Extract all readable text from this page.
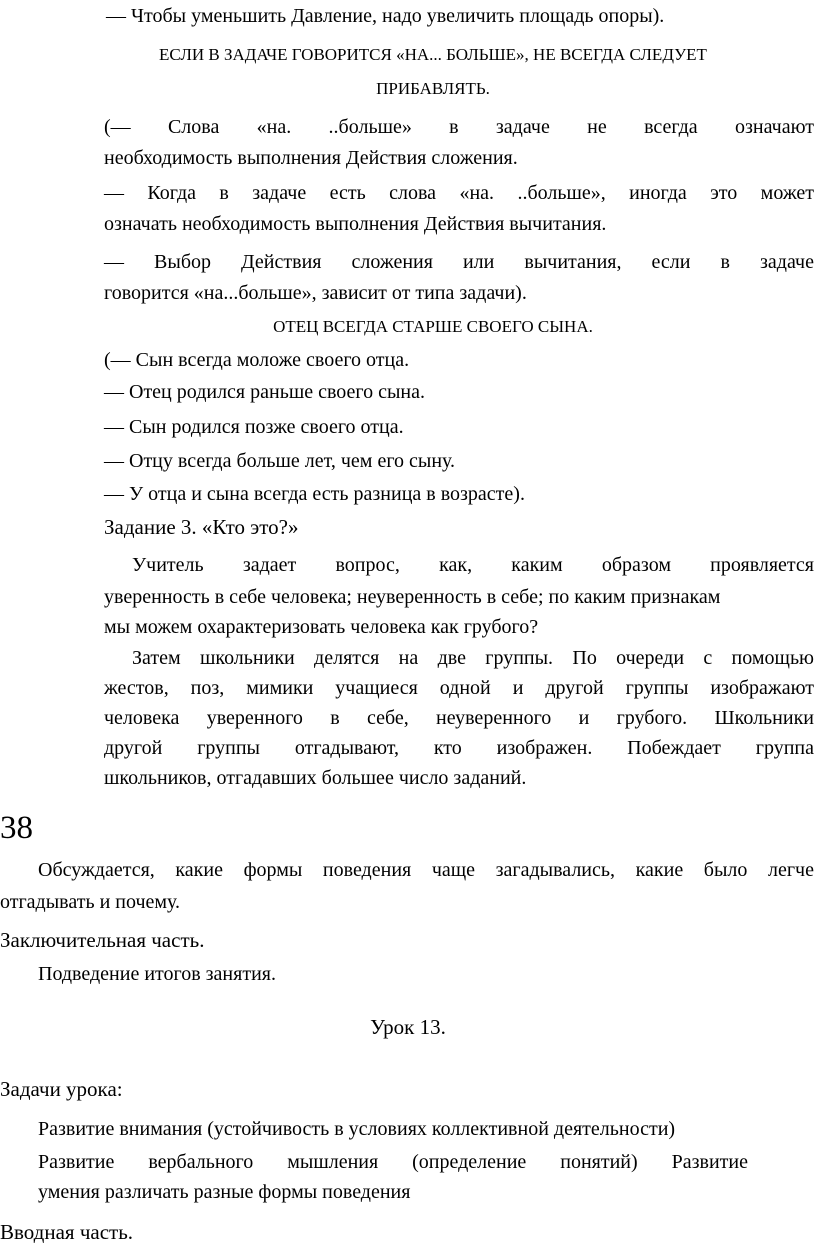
— Чтобы уменьшить Давление, надо увеличить площадь опоры).
ЕСЛИ В ЗАДАЧЕ ГОВОРИТСЯ «НА... БОЛЬШЕ», НЕ ВСЕГДА СЛЕДУЕТ
ПРИБАВЛЯТЬ.
(— Слова «на. ..больше» в задаче не всегда означают
необходимость выполнения Действия сложения.
— Когда в задаче есть слова «на. ..больше», иногда это может
означать необходимость выполнения Действия вычитания.
— Выбор Действия сложения или вычитания, если в задаче
говорится «на...больше», зависит от типа задачи).
ОТЕЦ ВСЕГДА СТАРШЕ СВОЕГО СЫНА.
(— Сын всегда моложе своего отца.
— Отец родился раньше своего сына.
— Сын родился позже своего отца.
— Отцу всегда больше лет, чем его сыну.
— У отца и сына всегда есть разница в возрасте).
Задание 3. «Кто это?»
Учитель задает вопрос, как, каким образом проявляется
уверенность в себе человека; неуверенность в себе; по каким признакам
мы можем охарактеризовать человека как грубого?
Затем школьники делятся на две группы. По очереди с помощью
жестов, поз, мимики учащиеся одной и другой группы изображают
человека уверенного в себе, неуверенного и грубого. Школьники
другой группы отгадывают, кто изображен. Побеждает группа
школьников, отгадавших большее число заданий.
38
Обсуждается, какие формы поведения чаще загадывались, какие было легче
отгадывать и почему.
Заключительная часть.
Подведение итогов занятия.
Урок 13.
Задачи урока:
Развитие внимания (устойчивость в условиях коллективной деятельности)
Развитие вербального мышления (определение понятий) Развитие
умения различать разные формы поведения
Вводная часть.
